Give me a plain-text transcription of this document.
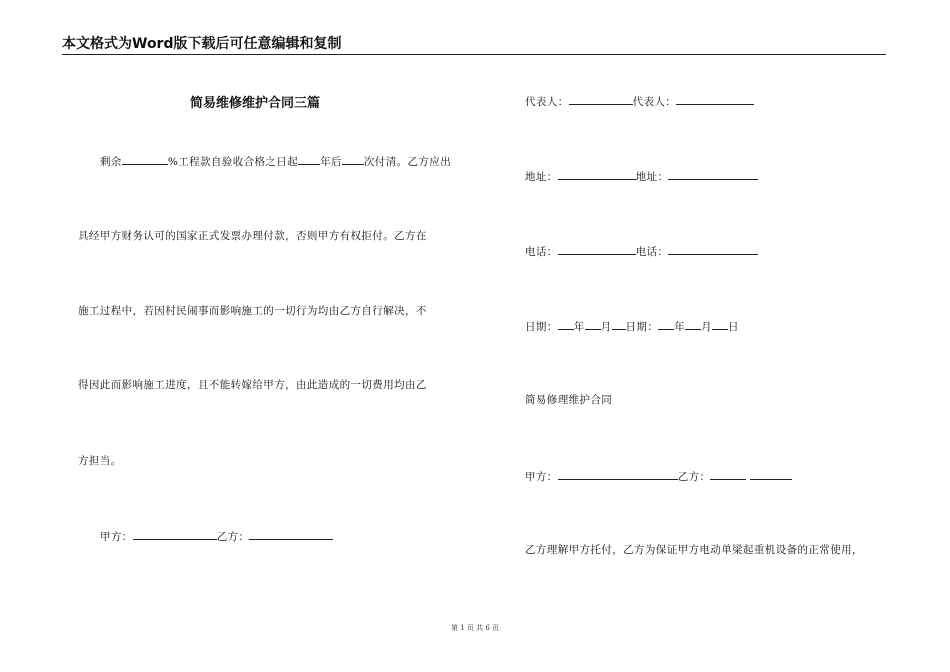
本文格式为Word版下载后可任意编辑和复制
简易维修维护合同三篇
剩余	%工程款自验收合格之日起 年后 次付清。乙方应出
具经甲方财务认可的国家正式发票办理付款，否则甲方有权拒付。乙方在
施工过程中，若因村民闹事而影响施工的一切行为均由乙方自行解决，不
得因此而影响施工进度，且不能转嫁给甲方，由此造成的一切费用均由乙
方担当。
甲方：	乙方：
代表人：	代表人：
地址：	地址：
电话：	电话：
日期： 年 月 日期： 年 月 日
简易修理维护合同
甲方：	乙方：
乙方理解甲方托付，乙方为保证甲方电动单梁起重机设备的正常使用，
第 1 页 共 6 页
